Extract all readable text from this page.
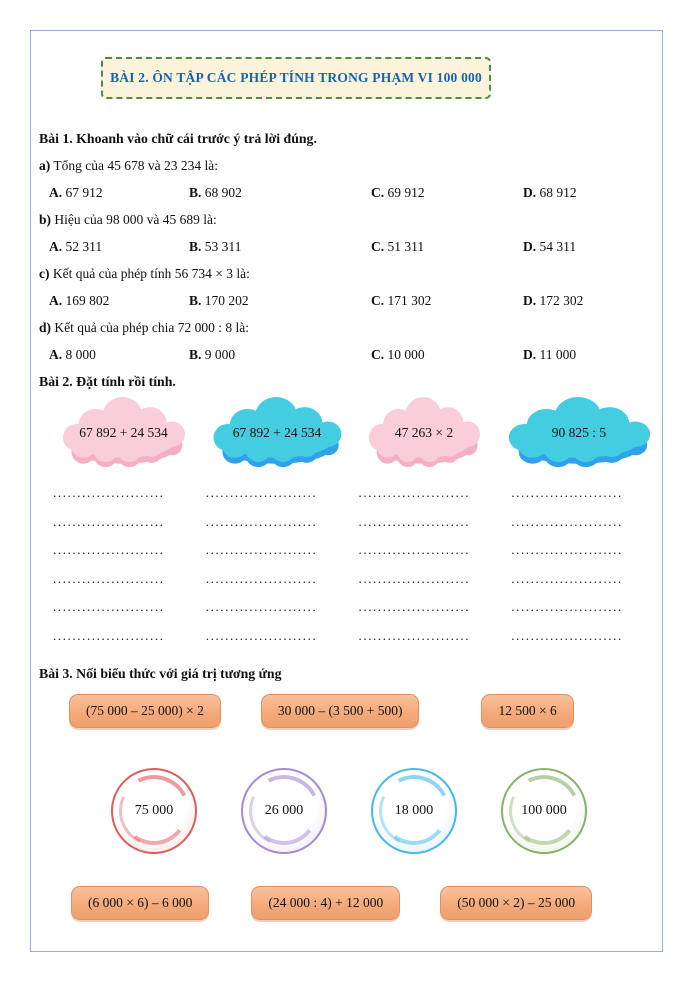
BÀI 2. ÔN TẬP CÁC PHÉP TÍNH TRONG PHẠM VI 100 000
Bài 1. Khoanh vào chữ cái trước ý trả lời đúng.
a) Tổng của 45 678 và 23 234 là:
A. 67 912	B. 68 902	C. 69 912	D. 68 912
b) Hiệu của 98 000 và 45 689 là:
A. 52 311	B. 53 311	C. 51 311	D. 54 311
c) Kết quả của phép tính 56 734 × 3 là:
A. 169 802	B. 170 202	C. 171 302	D. 172 302
d) Kết quả của phép chia 72 000 : 8 là:
A. 8 000	B. 9 000	C. 10 000	D. 11 000
Bài 2. Đặt tính rồi tính.
67 892 + 24 534	67 892 + 24 534	47 263 × 2	90 825 : 5
.......................	.......................	.......................	.......................
.......................	.......................	.......................	.......................
.......................	.......................	.......................	.......................
.......................	.......................	.......................	.......................
.......................	.......................	.......................	.......................
.......................	.......................	.......................	.......................
Bài 3. Nối biểu thức với giá trị tương ứng
(75 000 – 25 000) × 2	30 000 – (3 500 + 500)	12 500 × 6
75 000	26 000	18 000	100 000
(6 000 × 6) – 6 000	(24 000 : 4) + 12 000	(50 000 × 2) – 25 000
